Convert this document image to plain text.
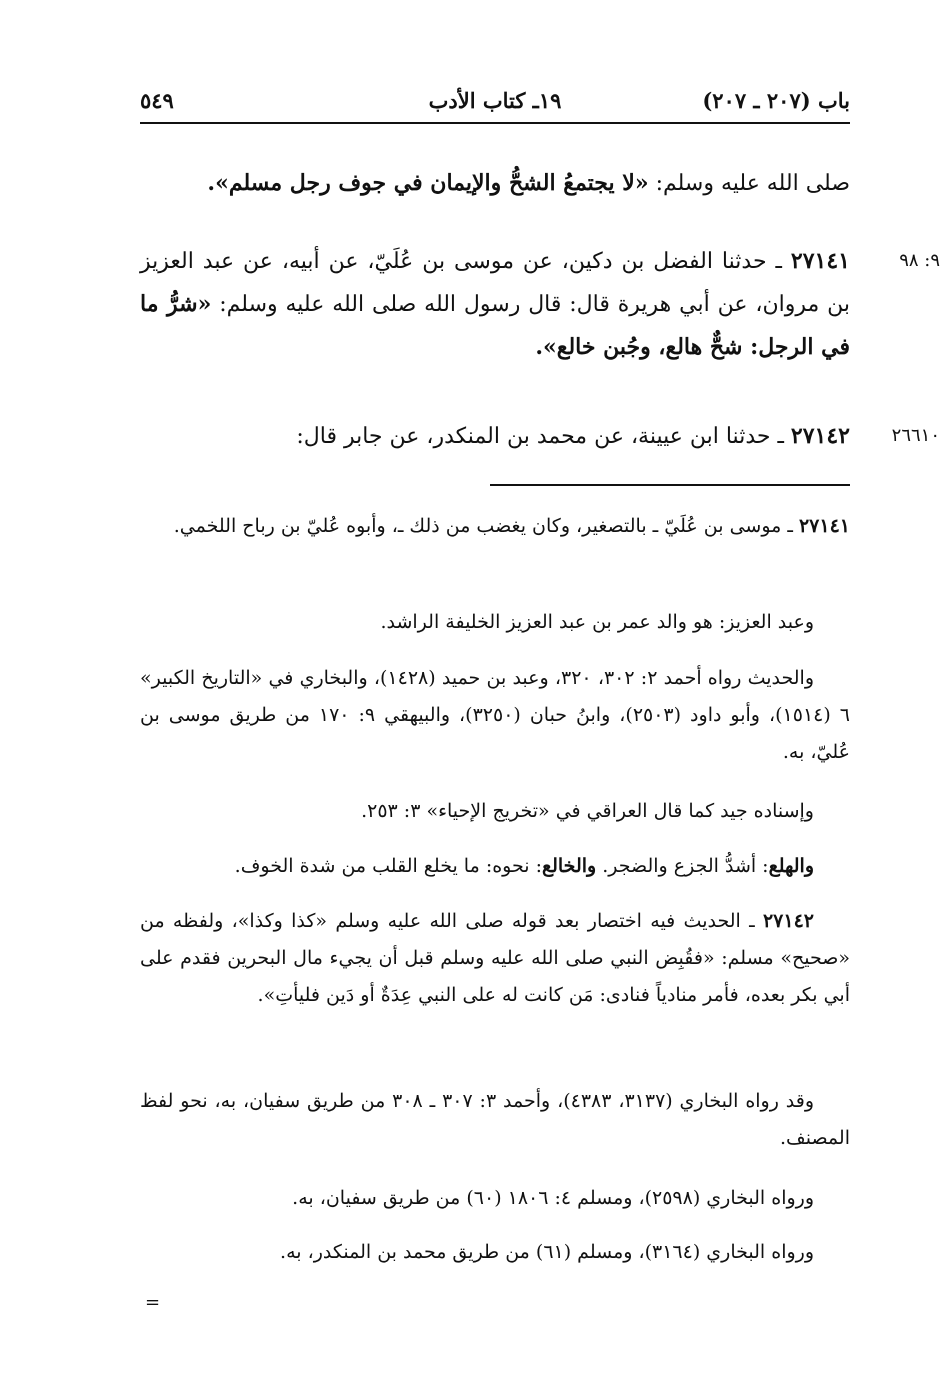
باب (٢٠٧ ـ ٢٠٧)
١٩ـ كتاب الأدب
٥٤٩
صلى الله عليه وسلم: «لا يجتمعُ الشحُّ والإيمان في جوف رجل مسلم».
٩: ٩٨
٢٧١٤١ ـ حدثنا الفضل بن دكين، عن موسى بن عُلَيّ، عن أبيه، عن عبد العزيز بن مروان، عن أبي هريرة قال: قال رسول الله صلى الله عليه وسلم: «شرُّ ما في الرجل: شحٌّ هالع، وجُبن خالع».
٢٦٦١٠
٢٧١٤٢ ـ حدثنا ابن عيينة، عن محمد بن المنكدر، عن جابر قال:
٢٧١٤١ ـ موسى بن عُلَيّ ـ بالتصغير، وكان يغضب من ذلك ـ، وأبوه عُليّ بن رباح اللخمي.
وعبد العزيز: هو والد عمر بن عبد العزيز الخليفة الراشد.
والحديث رواه أحمد ٢: ٣٠٢، ٣٢٠، وعبد بن حميد (١٤٢٨)، والبخاري في «التاريخ الكبير» ٦ (١٥١٤)، وأبو داود (٢٥٠٣)، وابنُ حبان (٣٢٥٠)، والبيهقي ٩: ١٧٠ من طريق موسى بن عُليّ، به.
وإسناده جيد كما قال العراقي في «تخريج الإحياء» ٣: ٢٥٣.
والهلع: أشدُّ الجزع والضجر. والخالع: نحوه: ما يخلع القلب من شدة الخوف.
٢٧١٤٢ ـ الحديث فيه اختصار بعد قوله صلى الله عليه وسلم «كذا وكذا»، ولفظه من «صحيح» مسلم: «فقُبِض النبي صلى الله عليه وسلم قبل أن يجيء مال البحرين فقدم على أبي بكر بعده، فأمر منادياً فنادى: مَن كانت له على النبي عِدَةٌ أو دَين فليأتِ».
وقد رواه البخاري (٣١٣٧، ٤٣٨٣)، وأحمد ٣: ٣٠٧ ـ ٣٠٨ من طريق سفيان، به، نحو لفظ المصنف.
ورواه البخاري (٢٥٩٨)، ومسلم ٤: ١٨٠٦ (٦٠) من طريق سفيان، به.
ورواه البخاري (٣١٦٤)، ومسلم (٦١) من طريق محمد بن المنكدر، به.
=
